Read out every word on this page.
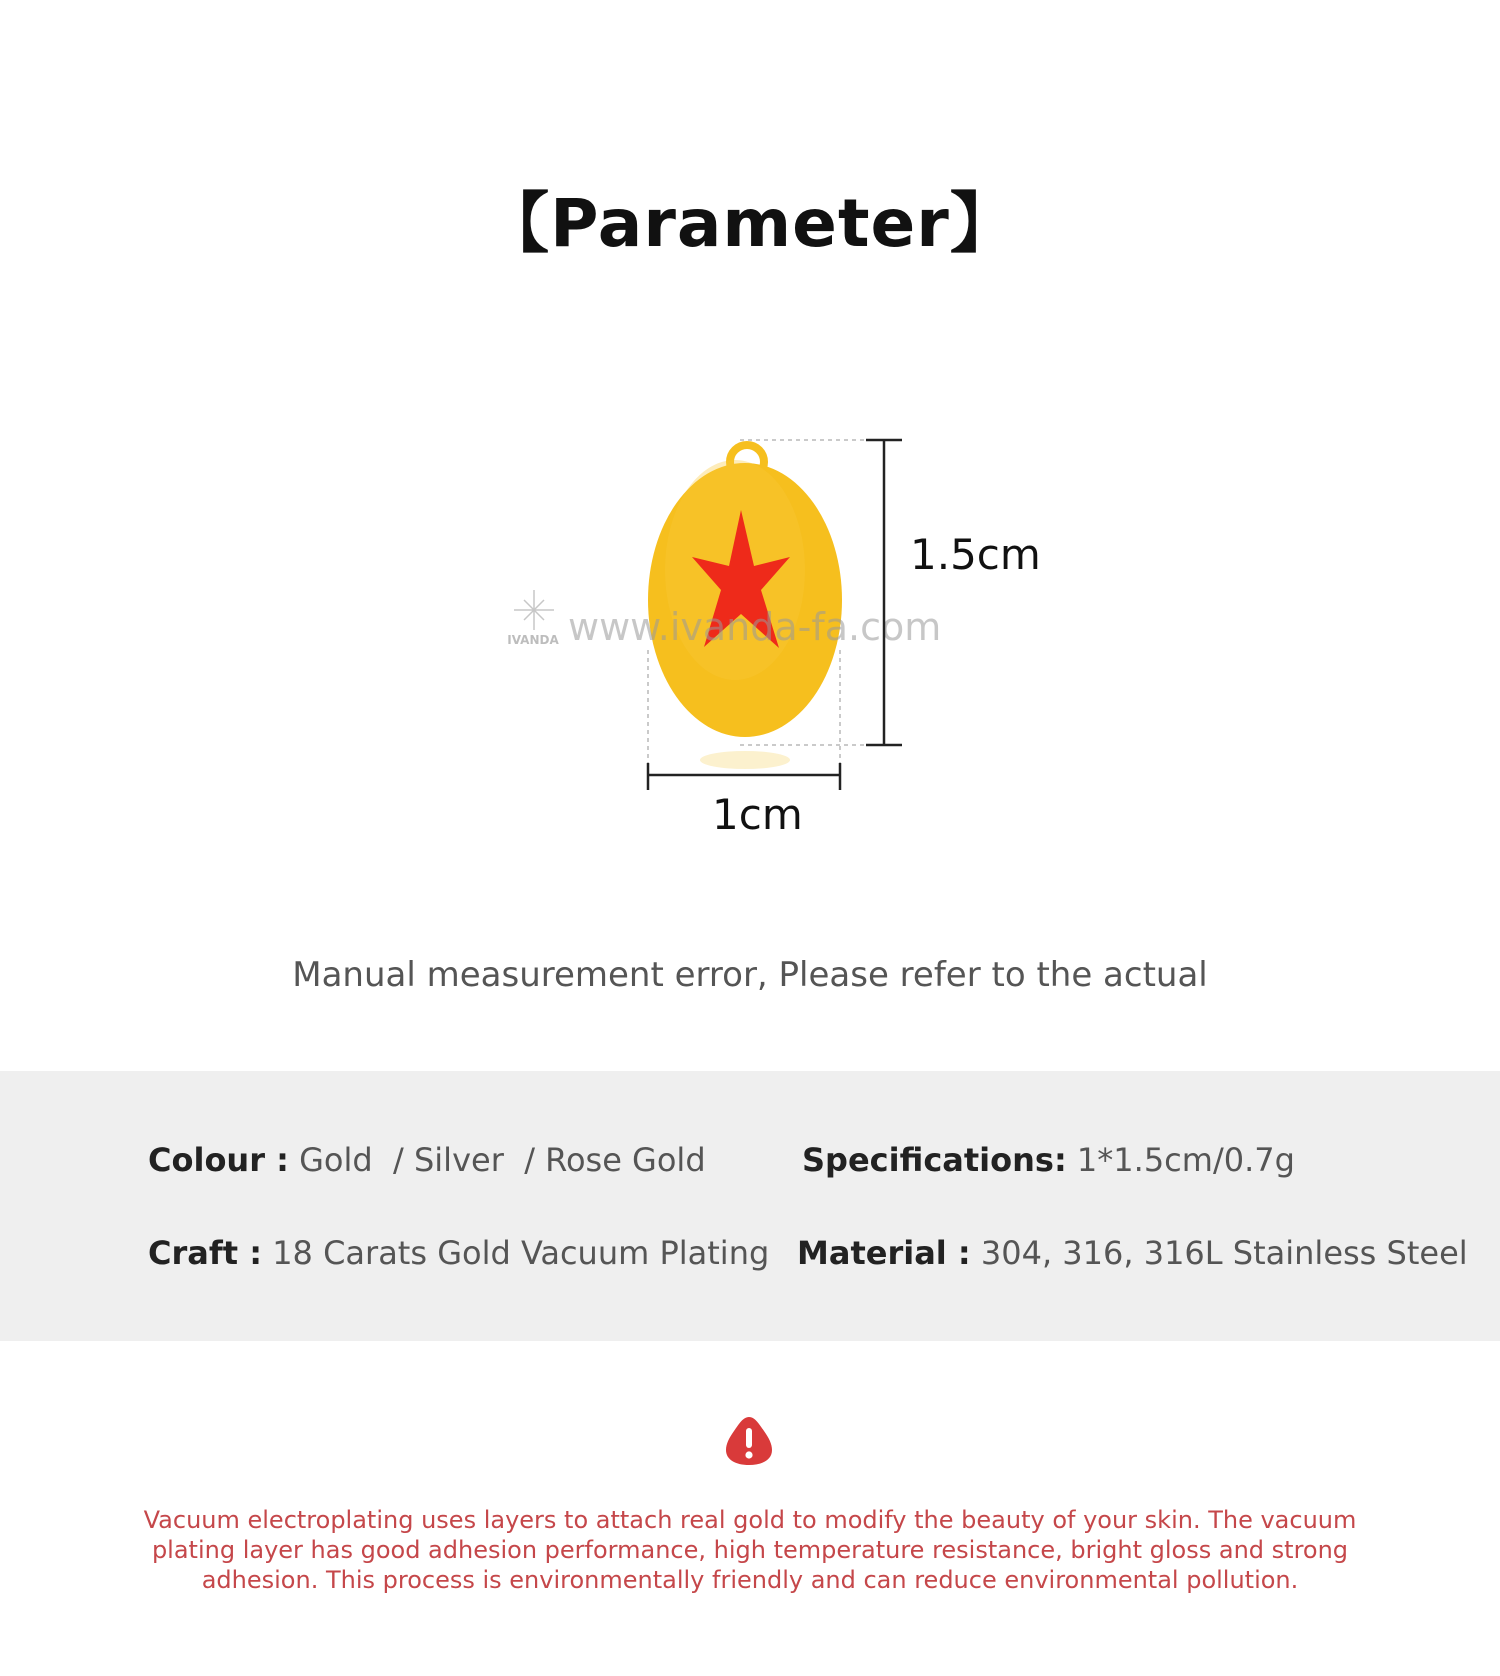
【Parameter】
IVANDA www.ivanda-fa.com
1.5cm
1cm
Manual measurement error, Please refer to the actual
Colour : Gold  / Silver  / Rose Gold	Specifications: 1*1.5cm/0.7g
Craft : 18 Carats Gold Vacuum Plating Material : 304, 316, 316L Stainless Steel
Vacuum electroplating uses layers to attach real gold to modify the beauty of your skin. The vacuum plating layer has good adhesion performance, high temperature resistance, bright gloss and strong adhesion. This process is environmentally friendly and can reduce environmental pollution.
